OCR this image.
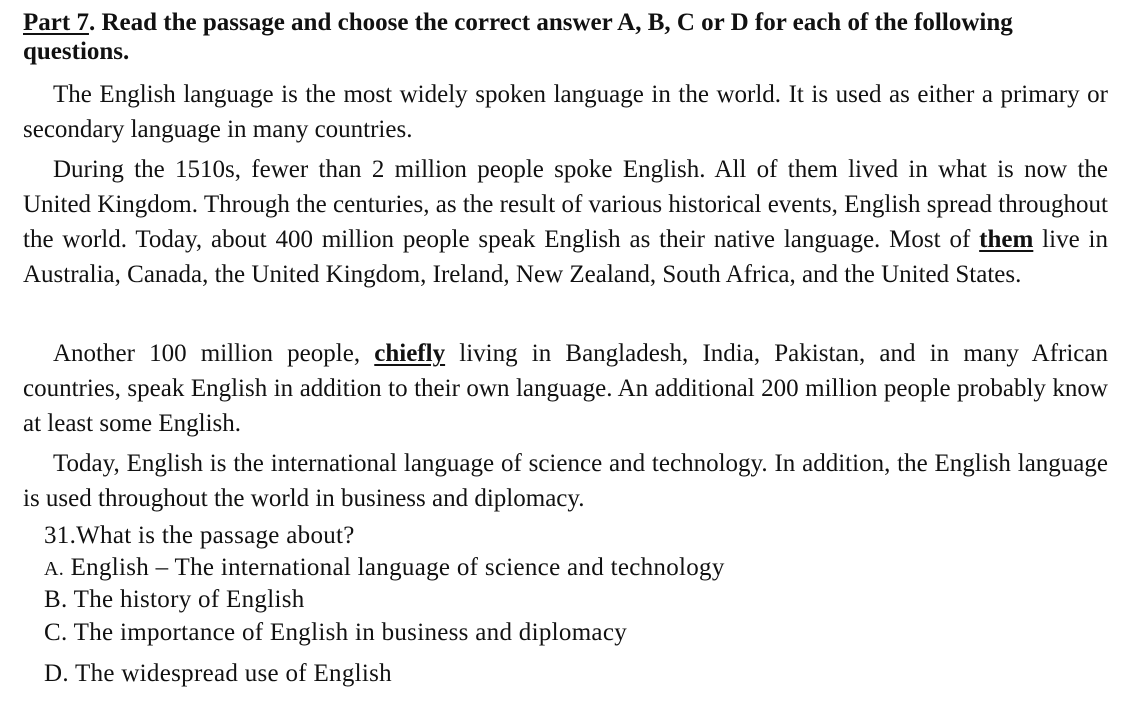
Part 7. Read the passage and choose the correct answer A, B, C or D for each of the following questions.
The English language is the most widely spoken language in the world. It is used as either a primary or secondary language in many countries.
During the 1510s, fewer than 2 million people spoke English. All of them lived in what is now the United Kingdom. Through the centuries, as the result of various historical events, English spread throughout the world. Today, about 400 million people speak English as their native language. Most of them live in Australia, Canada, the United Kingdom, Ireland, New Zealand, South Africa, and the United States.
Another 100 million people, chiefly living in Bangladesh, India, Pakistan, and in many African countries, speak English in addition to their own language. An additional 200 million people probably know at least some English.
Today, English is the international language of science and technology. In addition, the English language is used throughout the world in business and diplomacy.
31.What is the passage about?
A. English – The international language of science and technology
B. The history of English
C. The importance of English in business and diplomacy
D. The widespread use of English
